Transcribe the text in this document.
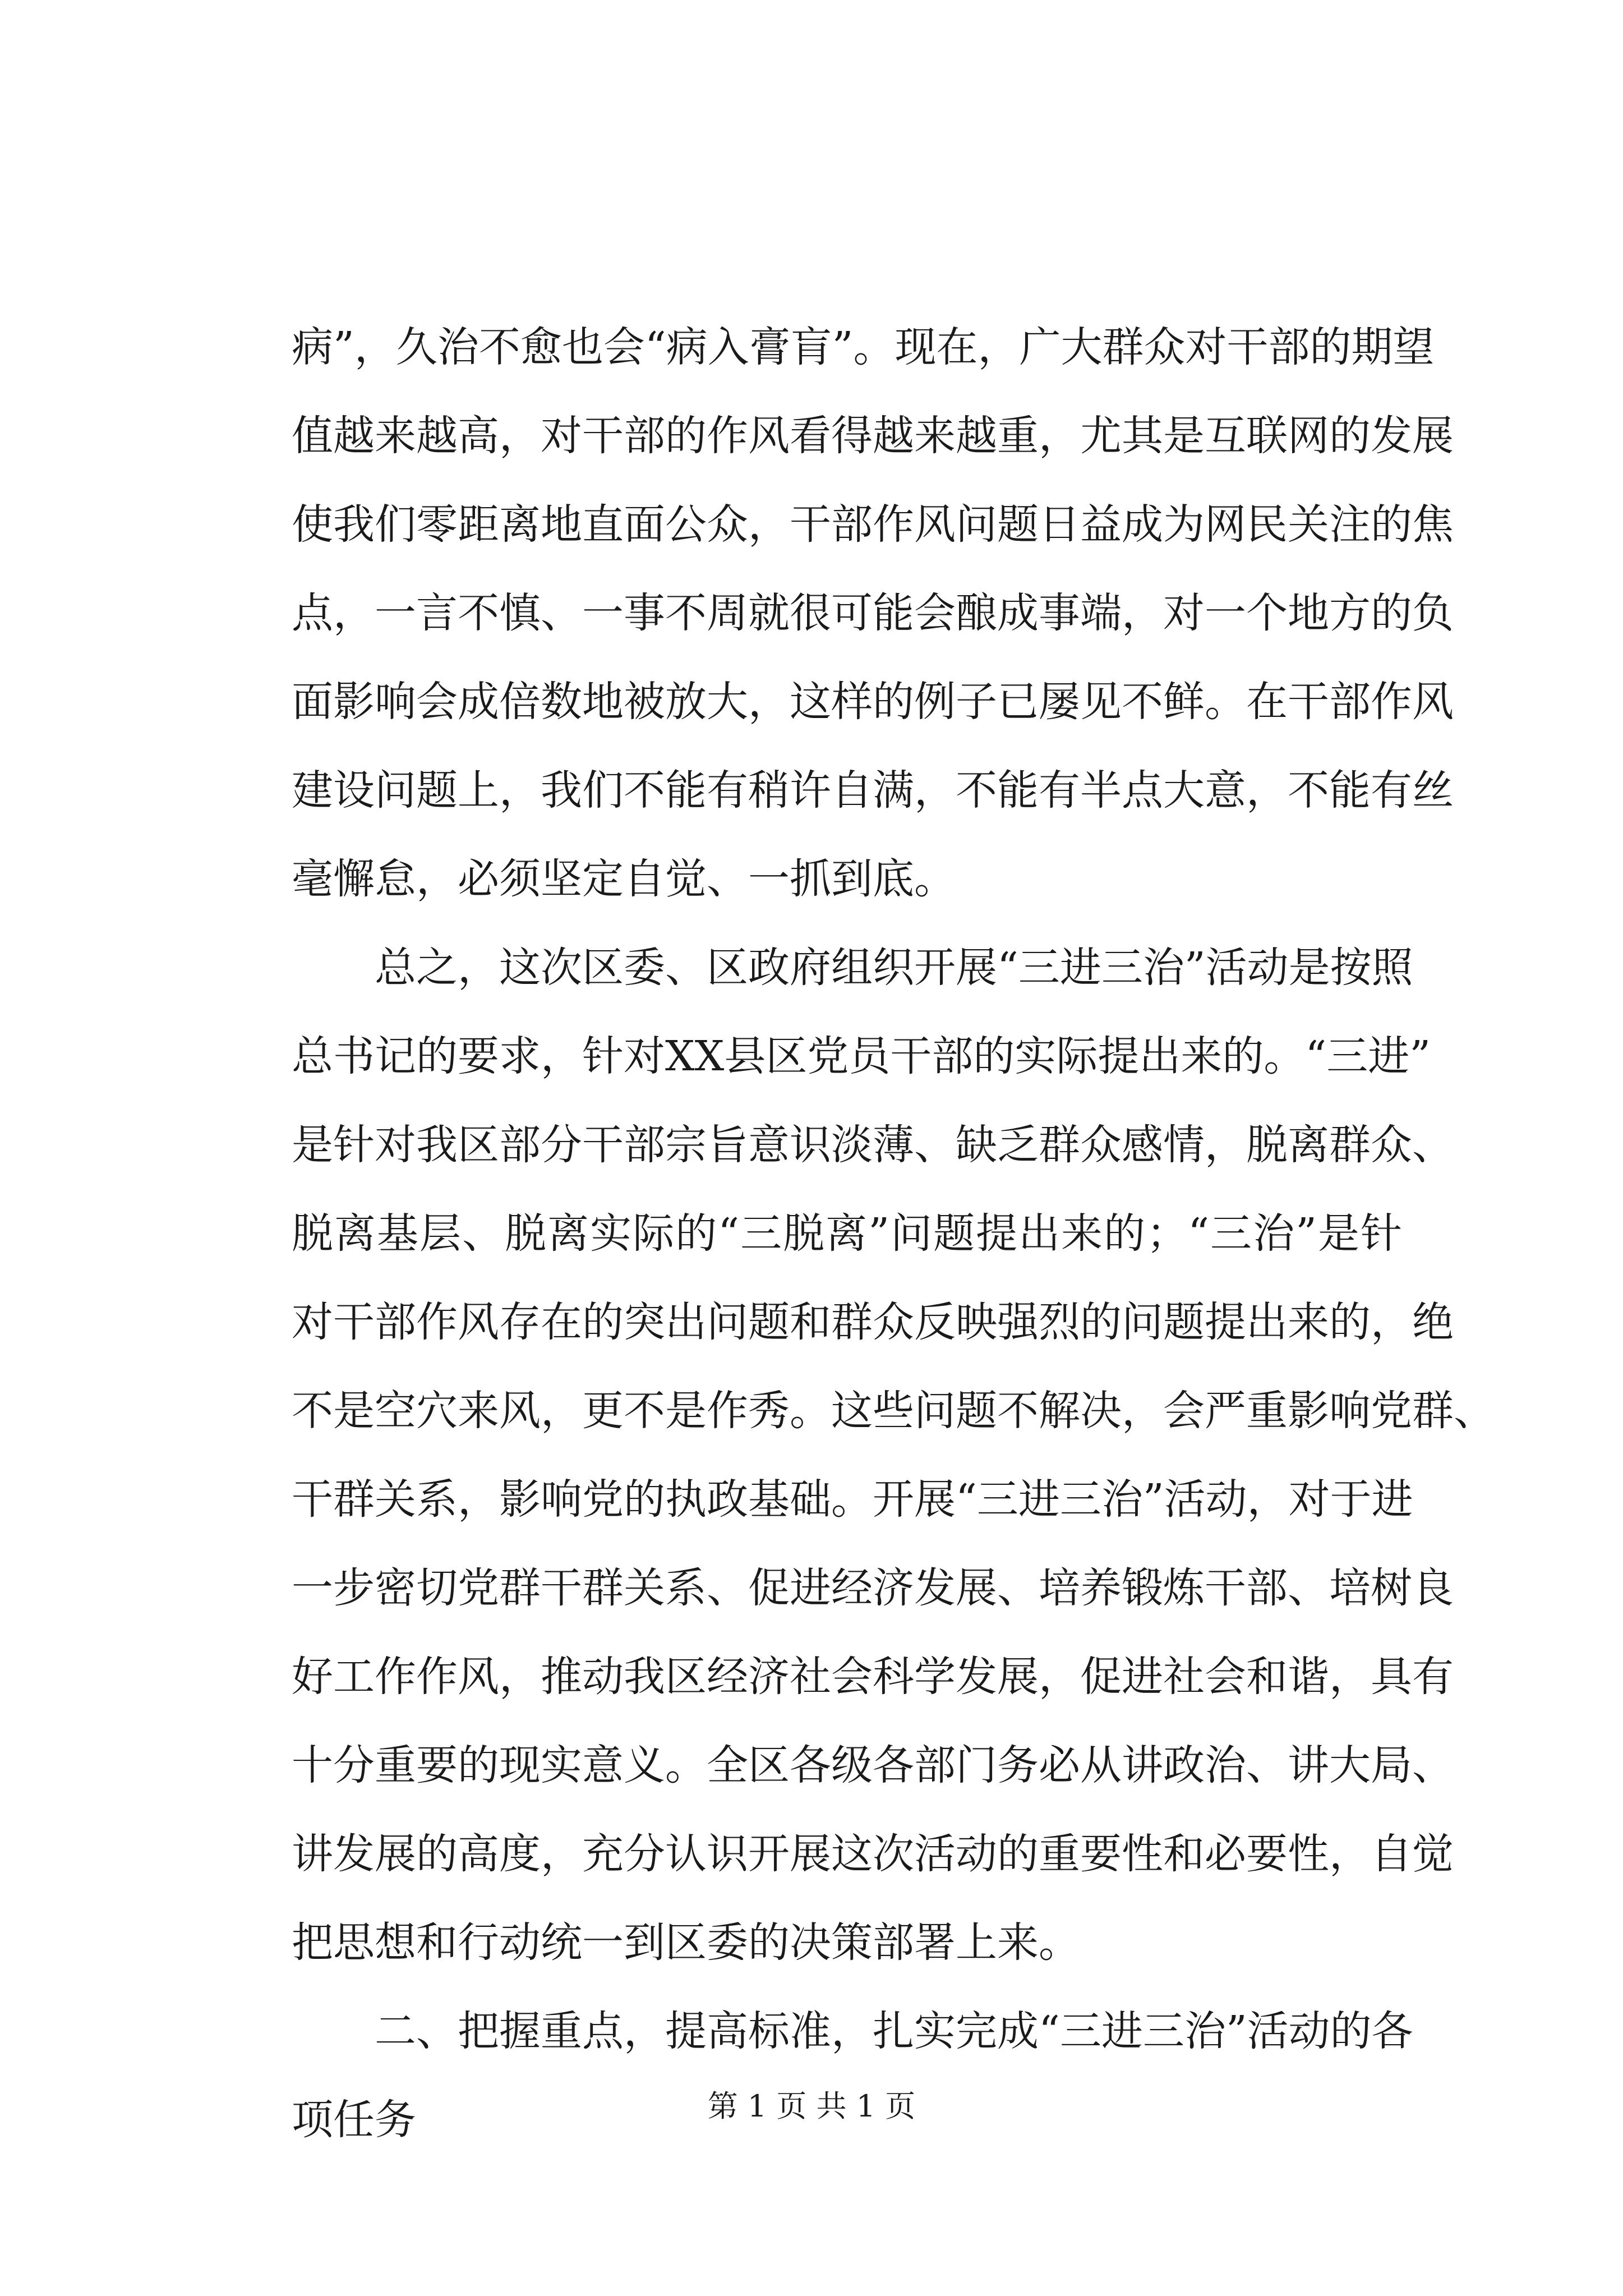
病”，久治不愈也会“病入膏肓”。现在，广大群众对干部的期望
值越来越高，对干部的作风看得越来越重，尤其是互联网的发展
使我们零距离地直面公众，干部作风问题日益成为网民关注的焦
点，一言不慎、一事不周就很可能会酿成事端，对一个地方的负
面影响会成倍数地被放大，这样的例子已屡见不鲜。在干部作风
建设问题上，我们不能有稍许自满，不能有半点大意，不能有丝
毫懈怠，必须坚定自觉、一抓到底。
总之，这次区委、区政府组织开展“三进三治”活动是按照
总书记的要求，针对XX县区党员干部的实际提出来的。“三进”
是针对我区部分干部宗旨意识淡薄、缺乏群众感情，脱离群众、
脱离基层、脱离实际的“三脱离”问题提出来的；“三治”是针
对干部作风存在的突出问题和群众反映强烈的问题提出来的，绝
不是空穴来风，更不是作秀。这些问题不解决，会严重影响党群、
干群关系，影响党的执政基础。开展“三进三治”活动，对于进
一步密切党群干群关系、促进经济发展、培养锻炼干部、培树良
好工作作风，推动我区经济社会科学发展，促进社会和谐，具有
十分重要的现实意义。全区各级各部门务必从讲政治、讲大局、
讲发展的高度，充分认识开展这次活动的重要性和必要性，自觉
把思想和行动统一到区委的决策部署上来。
二、把握重点，提高标准，扎实完成“三进三治”活动的各
项任务	第 1 页 共 1 页
